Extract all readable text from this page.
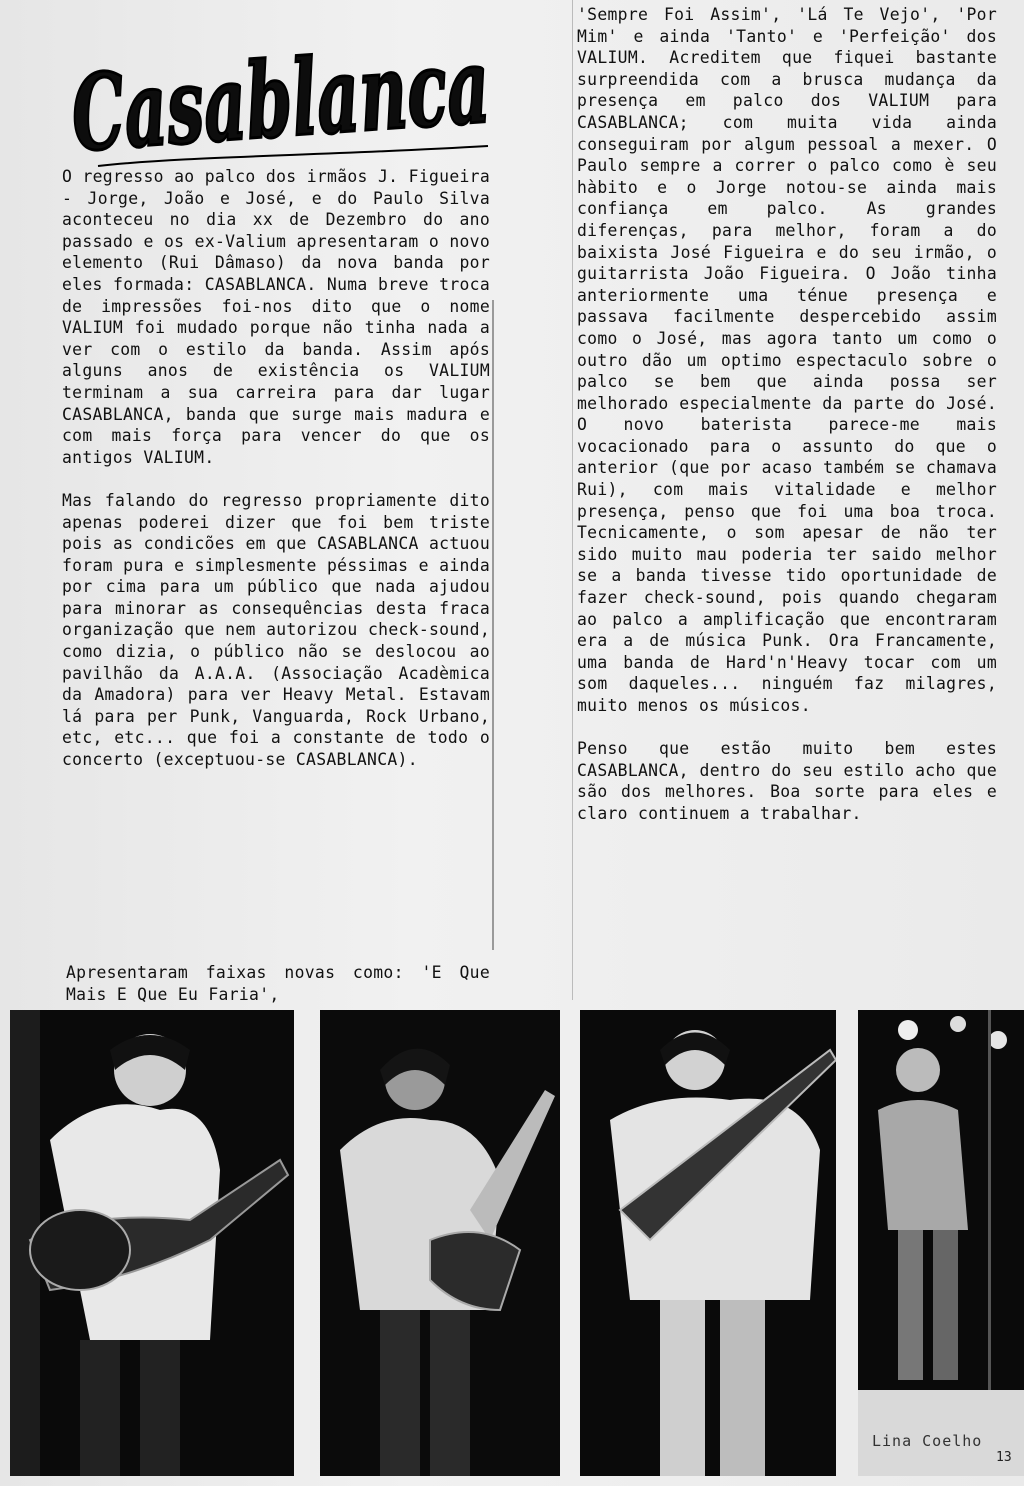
Casablanca

O regresso ao palco dos irmãos J. Figueira - Jorge, João e José, e do Paulo Silva aconteceu no dia xx de Dezembro do ano passado e os ex-Valium apresentaram o novo elemento (Rui Dâmaso) da nova banda por eles formada: CASABLANCA. Numa breve troca de impressões foi-nos dito que o nome VALIUM foi mudado porque não tinha nada a ver com o estilo da banda. Assim após alguns anos de existência os VALIUM terminam a sua carreira para dar lugar CASABLANCA, banda que surge mais madura e com mais força para vencer do que os antigos VALIUM.

Mas falando do regresso propriamente dito apenas poderei dizer que foi bem triste pois as condicões em que CASABLANCA actuou foram pura e simplesmente péssimas e ainda por cima para um público que nada ajudou para minorar as consequências desta fraca organização que nem autorizou check-sound, como dizia, o público não se deslocou ao pavilhão da A.A.A. (Associação Acadèmica da Amadora) para ver Heavy Metal. Estavam lá para per Punk, Vanguarda, Rock Urbano, etc, etc... que foi a constante de todo o concerto (exceptuou-se CASABLANCA).

Apresentaram faixas novas como: 'E Que Mais E Que Eu Faria',

'Sempre Foi Assim', 'Lá Te Vejo', 'Por Mim' e ainda 'Tanto' e 'Perfeição' dos VALIUM. Acreditem que fiquei bastante surpreendida com a brusca mudança da presença em palco dos VALIUM para CASABLANCA; com muita vida ainda conseguiram por algum pessoal a mexer. O Paulo sempre a correr o palco como è seu hàbito e o Jorge notou-se ainda mais confiança em palco. As grandes diferenças, para melhor, foram a do baixista José Figueira e do seu irmão, o guitarrista João Figueira. O João tinha anteriormente uma ténue presença e passava facilmente despercebido assim como o José, mas agora tanto um como o outro dão um optimo espectaculo sobre o palco se bem que ainda possa ser melhorado especialmente da parte do José. O novo baterista parece-me mais vocacionado para o assunto do que o anterior (que por acaso também se chamava Rui), com mais vitalidade e melhor presença, penso que foi uma boa troca. Tecnicamente, o som apesar de não ter sido muito mau poderia ter saido melhor se a banda tivesse tido oportunidade de fazer check-sound, pois quando chegaram ao palco a amplificação que encontraram era a de música Punk. Ora Francamente, uma banda de Hard'n'Heavy tocar com um som daqueles... ninguém faz milagres, muito menos os músicos.

Penso que estão muito bem estes CASABLANCA, dentro do seu estilo acho que são dos melhores. Boa sorte para eles e claro continuem a trabalhar.

Lina Coelho
13
